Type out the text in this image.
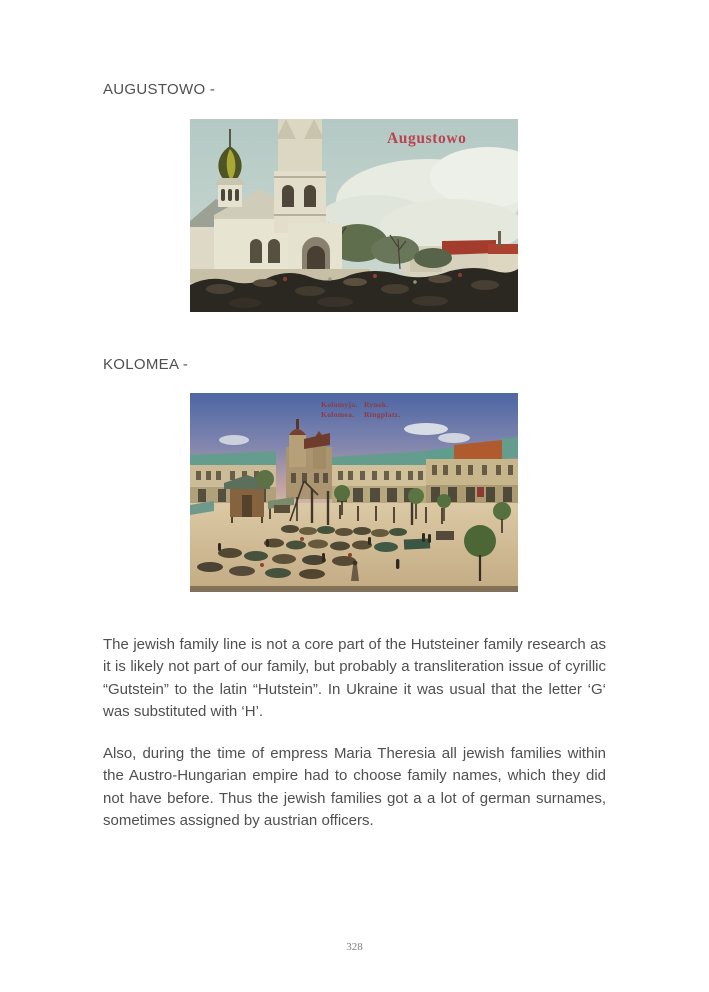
AUGUSTOWO -
Augustowo
KOLOMEA -
Kołomyja. Rynek.
Kolomea. Ringplatz.

The jewish family line is not a core part of the Hutsteiner family research as it is likely not part of our family, but probably a transliteration issue of cyrillic “Gutstein” to the latin “Hutstein”. In Ukraine it was usual that the letter ‘G‘ was substituted with ‘H’.

Also, during the time of empress Maria Theresia all jewish families within the Austro-Hungarian empire had to choose family names, which they did not have before. Thus the jewish families got a a lot of german surnames, sometimes assigned by austrian officers.

328
